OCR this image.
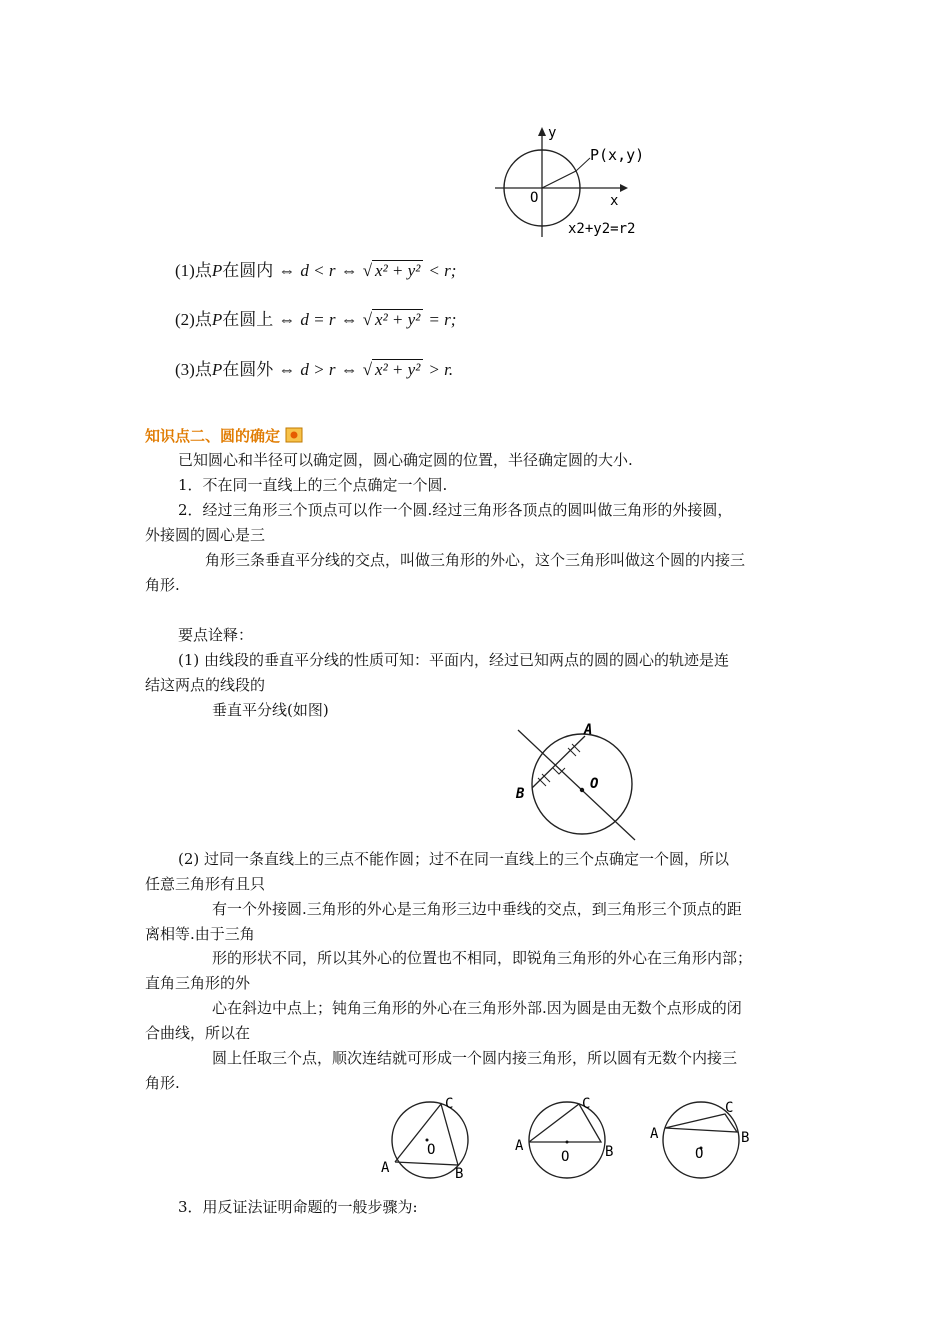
y
x
O
P(x,y)
x2+y2=r2
(1)点P在圆内 ⇔ d < r ⇔ √ x² + y² < r;
(2)点P在圆上 ⇔ d = r ⇔ √ x² + y² = r;
(3)点P在圆外 ⇔ d > r ⇔ √ x² + y² > r.
知识点二、圆的确定
已知圆心和半径可以确定圆，圆心确定圆的位置，半径确定圆的大小.
1．不在同一直线上的三个点确定一个圆.
2．经过三角形三个顶点可以作一个圆.经过三角形各顶点的圆叫做三角形的外接圆，
外接圆的圆心是三
角形三条垂直平分线的交点，叫做三角形的外心，这个三角形叫做这个圆的内接三
角形.
要点诠释：
(1) 由线段的垂直平分线的性质可知：平面内，经过已知两点的圆的圆心的轨迹是连
结这两点的线段的
垂直平分线(如图)
A
B
O
(2) 过同一条直线上的三点不能作圆；过不在同一直线上的三个点确定一个圆，所以
任意三角形有且只
有一个外接圆.三角形的外心是三角形三边中垂线的交点，到三角形三个顶点的距
离相等.由于三角
形的形状不同，所以其外心的位置也不相同，即锐角三角形的外心在三角形内部；
直角三角形的外
心在斜边中点上；钝角三角形的外心在三角形外部.因为圆是由无数个点形成的闭
合曲线，所以在
圆上任取三个点，顺次连结就可形成一个圆内接三角形，所以圆有无数个内接三
角形.
C
O
A	B
C
O
A	B
C
O
A	B
3．用反证法证明命题的一般步骤为:
